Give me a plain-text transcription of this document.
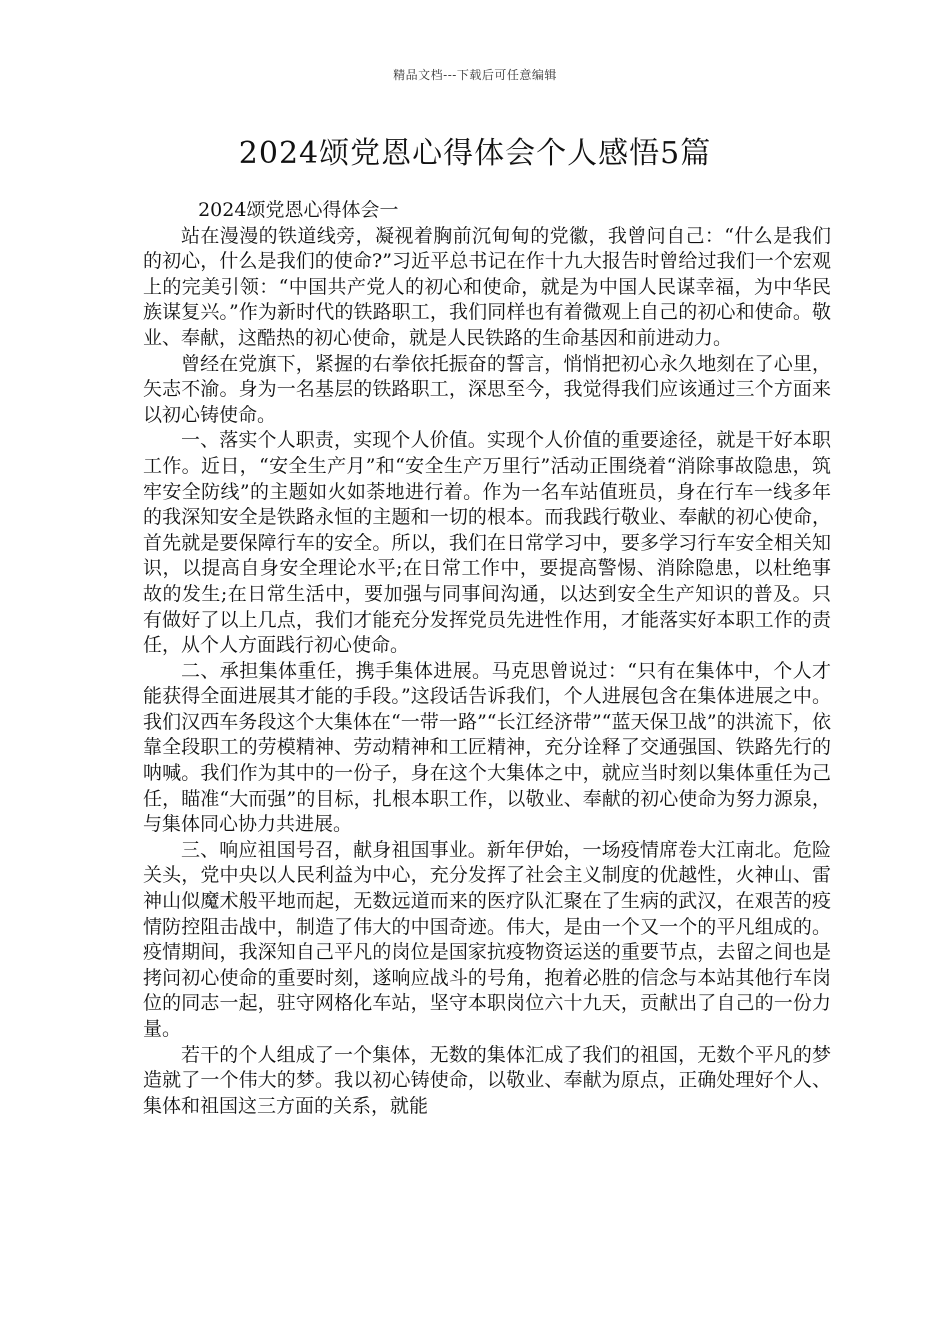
精品文档---下载后可任意编辑
2024颂党恩心得体会个人感悟5篇
2024颂党恩心得体会一

站在漫漫的铁道线旁，凝视着胸前沉甸甸的党徽，我曾问自己：“什么是我们的初心，什么是我们的使命?”习近平总书记在作十九大报告时曾给过我们一个宏观上的完美引领：“中国共产党人的初心和使命，就是为中国人民谋幸福，为中华民族谋复兴。”作为新时代的铁路职工，我们同样也有着微观上自己的初心和使命。敬业、奉献，这酷热的初心使命，就是人民铁路的生命基因和前进动力。

曾经在党旗下，紧握的右拳依托振奋的誓言，悄悄把初心永久地刻在了心里，矢志不渝。身为一名基层的铁路职工，深思至今，我觉得我们应该通过三个方面来以初心铸使命。

一、落实个人职责，实现个人价值。实现个人价值的重要途径，就是干好本职工作。近日，“安全生产月”和“安全生产万里行”活动正围绕着“消除事故隐患，筑牢安全防线”的主题如火如荼地进行着。作为一名车站值班员，身在行车一线多年的我深知安全是铁路永恒的主题和一切的根本。而我践行敬业、奉献的初心使命，首先就是要保障行车的安全。所以，我们在日常学习中，要多学习行车安全相关知识，以提高自身安全理论水平;在日常工作中，要提高警惕、消除隐患，以杜绝事故的发生;在日常生活中，要加强与同事间沟通，以达到安全生产知识的普及。只有做好了以上几点，我们才能充分发挥党员先进性作用，才能落实好本职工作的责任，从个人方面践行初心使命。

二、承担集体重任，携手集体进展。马克思曾说过：“只有在集体中，个人才能获得全面进展其才能的手段。”这段话告诉我们，个人进展包含在集体进展之中。我们汉西车务段这个大集体在“一带一路”“长江经济带”“蓝天保卫战”的洪流下，依靠全段职工的劳模精神、劳动精神和工匠精神，充分诠释了交通强国、铁路先行的呐喊。我们作为其中的一份子，身在这个大集体之中，就应当时刻以集体重任为己任，瞄准“大而强”的目标，扎根本职工作，以敬业、奉献的初心使命为努力源泉，与集体同心协力共进展。

三、响应祖国号召，献身祖国事业。新年伊始，一场疫情席卷大江南北。危险关头，党中央以人民利益为中心，充分发挥了社会主义制度的优越性，火神山、雷神山似魔术般平地而起，无数远道而来的医疗队汇聚在了生病的武汉，在艰苦的疫情防控阻击战中，制造了伟大的中国奇迹。伟大，是由一个又一个的平凡组成的。疫情期间，我深知自己平凡的岗位是国家抗疫物资运送的重要节点，去留之间也是拷问初心使命的重要时刻，遂响应战斗的号角，抱着必胜的信念与本站其他行车岗位的同志一起，驻守网格化车站，坚守本职岗位六十九天，贡献出了自己的一份力量。

若干的个人组成了一个集体，无数的集体汇成了我们的祖国，无数个平凡的梦造就了一个伟大的梦。我以初心铸使命，以敬业、奉献为原点，正确处理好个人、集体和祖国这三方面的关系，就能
